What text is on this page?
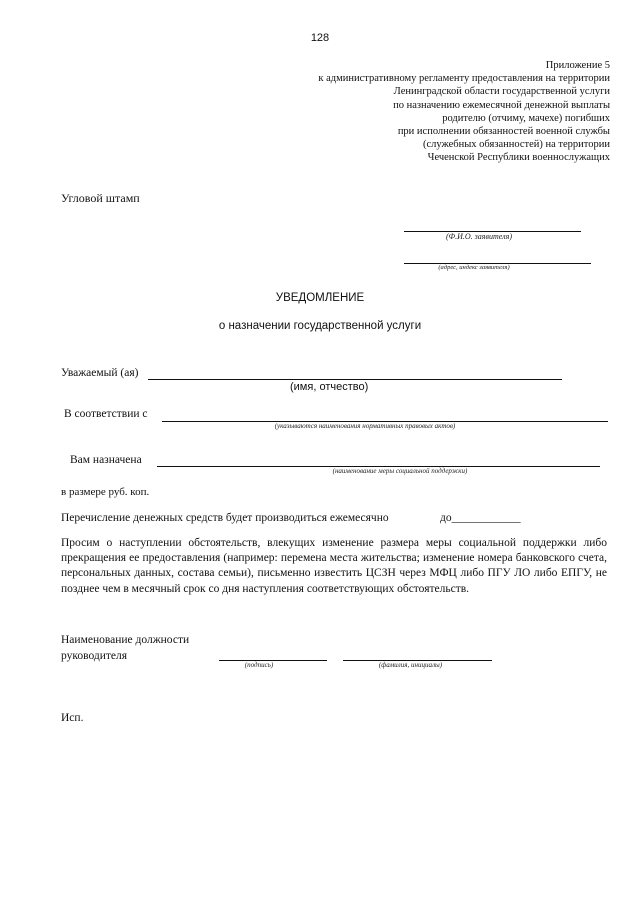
128
Приложение 5
к административному регламенту предоставления на территории
Ленинградской области государственной услуги
по назначению ежемесячной денежной выплаты
родителю (отчиму, мачехе) погибших
при исполнении обязанностей военной службы
(служебных обязанностей) на территории
Чеченской Республики военнослужащих
Угловой штамп
(Ф.И.О. заявителя)
(адрес, индекс заявителя)
УВЕДОМЛЕНИЕ
о назначении государственной услуги
Уважаемый (ая)
(имя, отчество)
В соответствии с
(указываются наименования нормативных правовых актов)
Вам назначена
(наименование меры социальной поддержки)
в размере руб. коп.
Перечисление денежных средств будет производиться ежемесячно	до____________
Просим о наступлении обстоятельств, влекущих изменение размера меры социальной поддержки либо прекращения ее предоставления (например: перемена места жительства; изменение номера банковского счета, персональных данных, состава семьи), письменно известить ЦСЗН через МФЦ либо ПГУ ЛО либо ЕПГУ, не позднее чем в месячный срок со дня наступления соответствующих обстоятельств.
Наименование должности
руководителя
(подпись)	(фамилия, инициалы)
Исп.
